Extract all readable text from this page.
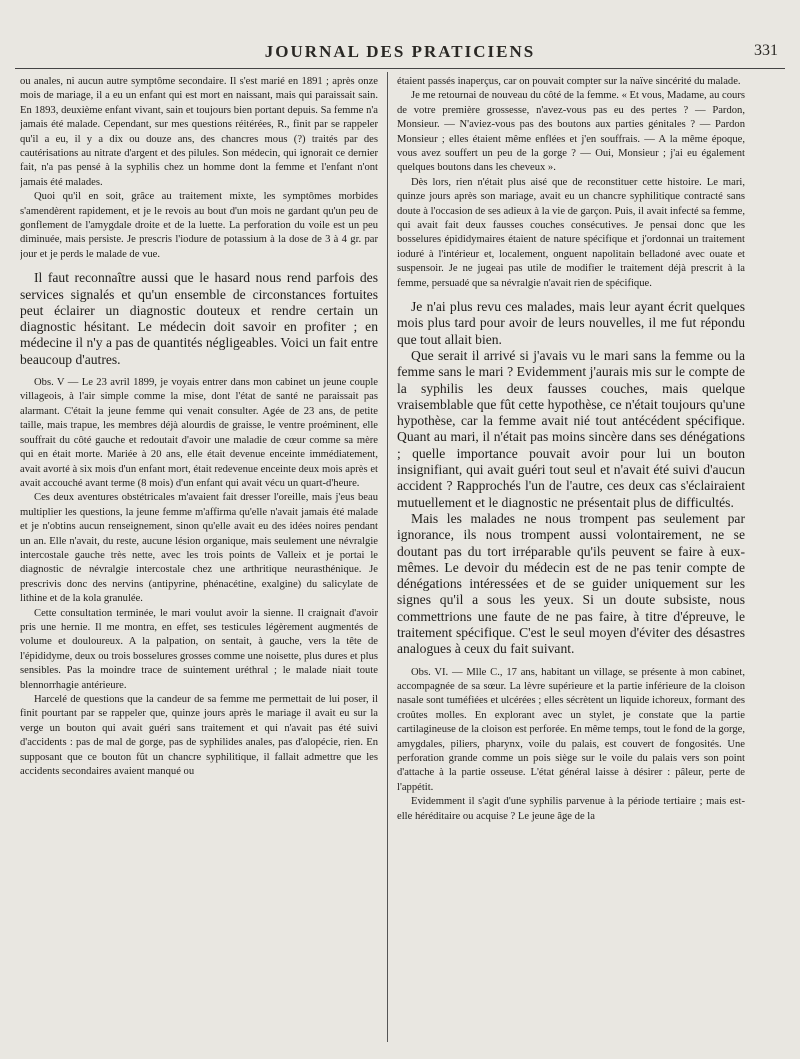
JOURNAL DES PRATICIENS	331

ou anales, ni aucun autre symptôme secondaire. Il s'est marié en 1891 ; après onze mois de mariage, il a eu un enfant qui est mort en naissant, mais qui paraissait sain. En 1893, deuxième enfant vivant, sain et toujours bien portant depuis. Sa femme n'a jamais été malade. Cependant, sur mes questions réitérées, R., finit par se rappeler qu'il a eu, il y a dix ou douze ans, des chancres mous (?) traités par des cautérisations au nitrate d'argent et des pilules. Son médecin, qui ignorait ce dernier fait, n'a pas pensé à la syphilis chez un homme dont la femme et l'enfant n'ont jamais été malades.

Quoi qu'il en soit, grâce au traitement mixte, les symptômes morbides s'amendèrent rapidement, et je le revois au bout d'un mois ne gardant qu'un peu de gonflement de l'amygdale droite et de la luette. La perforation du voile est un peu diminuée, mais persiste. Je prescris l'iodure de potassium à la dose de 3 à 4 gr. par jour et je perds le malade de vue.

Il faut reconnaître aussi que le hasard nous rend parfois des services signalés et qu'un ensemble de circonstances fortuites peut éclairer un diagnostic douteux et rendre certain un diagnostic hésitant. Le médecin doit savoir en profiter ; en médecine il n'y a pas de quantités négligeables. Voici un fait entre beaucoup d'autres.

Obs. V — Le 23 avril 1899, je voyais entrer dans mon cabinet un jeune couple villageois, à l'air simple comme la mise, dont l'état de santé ne paraissait pas alarmant. C'était la jeune femme qui venait consulter. Agée de 23 ans, de petite taille, mais trapue, les membres déjà alourdis de graisse, le ventre proéminent, elle souffrait du côté gauche et redoutait d'avoir une maladie de cœur comme sa mère qui en était morte. Mariée à 20 ans, elle était devenue enceinte immédiatement, avait avorté à six mois d'un enfant mort, était redevenue enceinte deux mois après et avait accouché avant terme (8 mois) d'un enfant qui avait vécu un quart-d'heure.

Ces deux aventures obstétricales m'avaient fait dresser l'oreille, mais j'eus beau multiplier les questions, la jeune femme m'affirma qu'elle n'avait jamais été malade et je n'obtins aucun renseignement, sinon qu'elle avait eu des idées noires pendant un an. Elle n'avait, du reste, aucune lésion organique, mais seulement une névralgie intercostale gauche très nette, avec les trois points de Valleix et je portai le diagnostic de névralgie intercostale chez une arthritique neurasthénique. Je prescrivis donc des nervins (antipyrine, phénacétine, exalgine) du salicylate de lithine et de la kola granulée.

Cette consultation terminée, le mari voulut avoir la sienne. Il craignait d'avoir pris une hernie. Il me montra, en effet, ses testicules légèrement augmentés de volume et douloureux. A la palpation, on sentait, à gauche, vers la tête de l'épididyme, deux ou trois bosselures grosses comme une noisette, plus dures et plus sensibles. Pas la moindre trace de suintement uréthral ; le malade niait toute blennorrhagie antérieure.

Harcelé de questions que la candeur de sa femme me permettait de lui poser, il finit pourtant par se rappeler que, quinze jours après le mariage il avait eu sur la verge un bouton qui avait guéri sans traitement et qui n'avait pas été suivi d'accidents : pas de mal de gorge, pas de syphilides anales, pas d'alopécie, rien. En supposant que ce bouton fût un chancre syphilitique, il fallait admettre que les accidents secondaires avaient manqué ou

étaient passés inaperçus, car on pouvait compter sur la naïve sincérité du malade.

Je me retournai de nouveau du côté de la femme. « Et vous, Madame, au cours de votre première grossesse, n'avez-vous pas eu des pertes ? — Pardon, Monsieur. — N'aviez-vous pas des boutons aux parties génitales ? — Pardon Monsieur ; elles étaient même enflées et j'en souffrais. — A la même époque, vous avez souffert un peu de la gorge ? — Oui, Monsieur ; j'ai eu également quelques boutons dans les cheveux ».

Dès lors, rien n'était plus aisé que de reconstituer cette histoire. Le mari, quinze jours après son mariage, avait eu un chancre syphilitique contracté sans doute à l'occasion de ses adieux à la vie de garçon. Puis, il avait infecté sa femme, qui avait fait deux fausses couches consécutives. Je pensai donc que les bosselures épididymaires étaient de nature spécifique et j'ordonnai un traitement ioduré à l'intérieur et, localement, onguent napolitain belladoné avec ouate et suspensoir. Je ne jugeai pas utile de modifier le traitement déjà prescrit à la femme, persuadé que sa névralgie n'avait rien de spécifique.

Je n'ai plus revu ces malades, mais leur ayant écrit quelques mois plus tard pour avoir de leurs nouvelles, il me fut répondu que tout allait bien.

Que serait il arrivé si j'avais vu le mari sans la femme ou la femme sans le mari ? Evidemment j'aurais mis sur le compte de la syphilis les deux fausses couches, mais quelque vraisemblable que fût cette hypothèse, ce n'était toujours qu'une hypothèse, car la femme avait nié tout antécédent spécifique. Quant au mari, il n'était pas moins sincère dans ses dénégations ; quelle importance pouvait avoir pour lui un bouton insignifiant, qui avait guéri tout seul et n'avait été suivi d'aucun accident ? Rapprochés l'un de l'autre, ces deux cas s'éclairaient mutuellement et le diagnostic ne présentait plus de difficultés.

Mais les malades ne nous trompent pas seulement par ignorance, ils nous trompent aussi volontairement, ne se doutant pas du tort irréparable qu'ils peuvent se faire à eux-mêmes. Le devoir du médecin est de ne pas tenir compte de dénégations intéressées et de se guider uniquement sur les signes qu'il a sous les yeux. Si un doute subsiste, nous commettrions une faute de ne pas faire, à titre d'épreuve, le traitement spécifique. C'est le seul moyen d'éviter des désastres analogues à ceux du fait suivant.

Obs. VI. — Mlle C., 17 ans, habitant un village, se présente à mon cabinet, accompagnée de sa sœur. La lèvre supérieure et la partie inférieure de la cloison nasale sont tuméfiées et ulcérées ; elles sécrètent un liquide ichoreux, formant des croûtes molles. En explorant avec un stylet, je constate que la partie cartilagineuse de la cloison est perforée. En même temps, tout le fond de la gorge, amygdales, piliers, pharynx, voile du palais, est couvert de fongosités. Une perforation grande comme un pois siège sur le voile du palais vers son point d'attache à la partie osseuse. L'état général laisse à désirer : pâleur, perte de l'appétit.

Evidemment il s'agit d'une syphilis parvenue à la période tertiaire ; mais est-elle héréditaire ou acquise ? Le jeune âge de la
